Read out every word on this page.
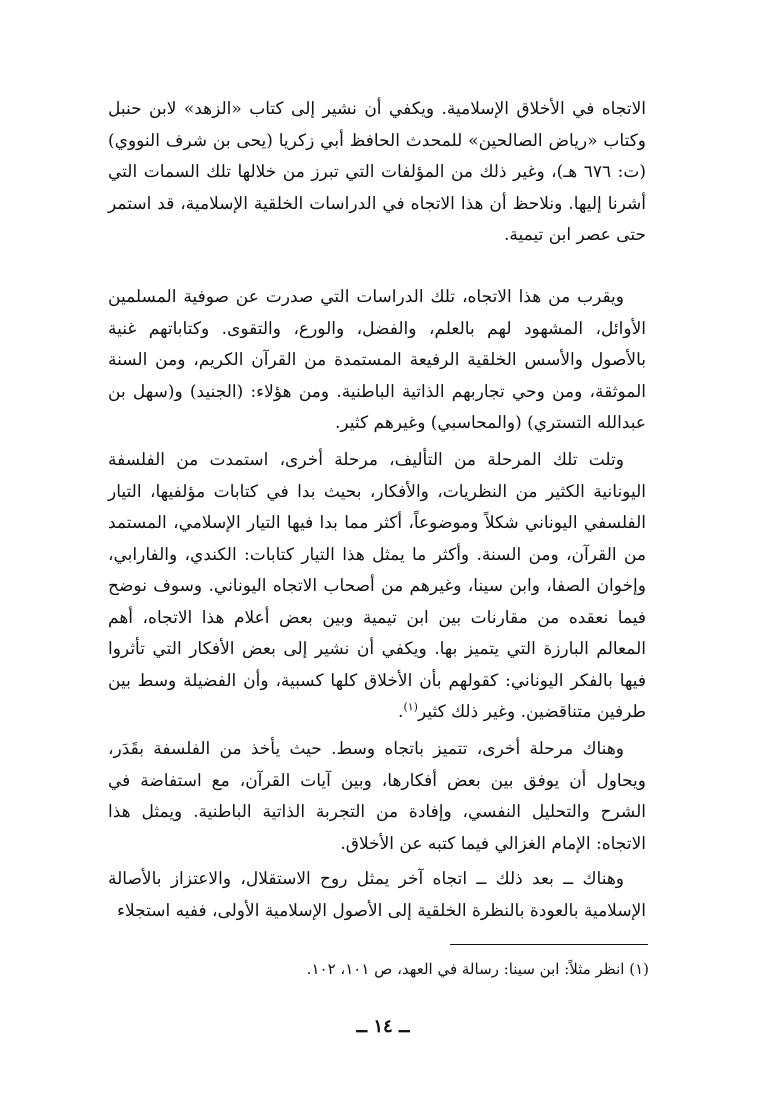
الاتجاه في الأخلاق الإسلامية. ويكفي أن نشير إلى كتاب «الزهد» لابن حنبل وكتاب «رياض الصالحين» للمحدث الحافظ أبي زكريا (يحى بن شرف النووي) (ت: ٦٧٦ هـ)، وغير ذلك من المؤلفات التي تبرز من خلالها تلك السمات التي أشرنا إليها. ونلاحظ أن هذا الاتجاه في الدراسات الخلقية الإسلامية، قد استمر حتى عصر ابن تيمية.

ويقرب من هذا الاتجاه، تلك الدراسات التي صدرت عن صوفية المسلمين الأوائل، المشهود لهم بالعلم، والفضل، والورع، والتقوى. وكتاباتهم غنية بالأصول والأسس الخلقية الرفيعة المستمدة من القرآن الكريم، ومن السنة الموثقة، ومن وحي تجاربهم الذاتية الباطنية. ومن هؤلاء: (الجنيد) و(سهل بن عبدالله التستري) (والمحاسبي) وغيرهم كثير.

وتلت تلك المرحلة من التأليف، مرحلة أخرى، استمدت من الفلسفة اليونانية الكثير من النظريات، والأفكار، بحيث بدا في كتابات مؤلفيها، التيار الفلسفي اليوناني شكلاً وموضوعاً، أكثر مما بدا فيها التيار الإسلامي، المستمد من القرآن، ومن السنة. وأكثر ما يمثل هذا التيار كتابات: الكندي، والفارابي، وإخوان الصفا، وابن سينا، وغيرهم من أصحاب الاتجاه اليوناني. وسوف نوضح فيما نعقده من مقارنات بين ابن تيمية وبين بعض أعلام هذا الاتجاه، أهم المعالم البارزة التي يتميز بها. ويكفي أن نشير إلى بعض الأفكار التي تأثروا فيها بالفكر اليوناني: كقولهم بأن الأخلاق كلها كسبية، وأن الفضيلة وسط بين طرفين متناقضين. وغير ذلك كثير$^{(١)}$.

وهناك مرحلة أخرى، تتميز باتجاه وسط. حيث يأخذ من الفلسفة بقَدَر، ويحاول أن يوفق بين بعض أفكارها، وبين آيات القرآن، مع استفاضة في الشرح والتحليل النفسي، وإفادة من التجربة الذاتية الباطنية. ويمثل هذا الاتجاه: الإمام الغزالي فيما كتبه عن الأخلاق.

وهناك ــ بعد ذلك ــ اتجاه آخر يمثل روح الاستقلال، والاعتزاز بالأصالة الإسلامية بالعودة بالنظرة الخلقية إلى الأصول الإسلامية الأولى، ففيه استجلاء

(١) انظر مثلاً: ابن سينا: رسالة في العهد، ص ١٠١، ١٠٢.

ــ ١٤ ــ
